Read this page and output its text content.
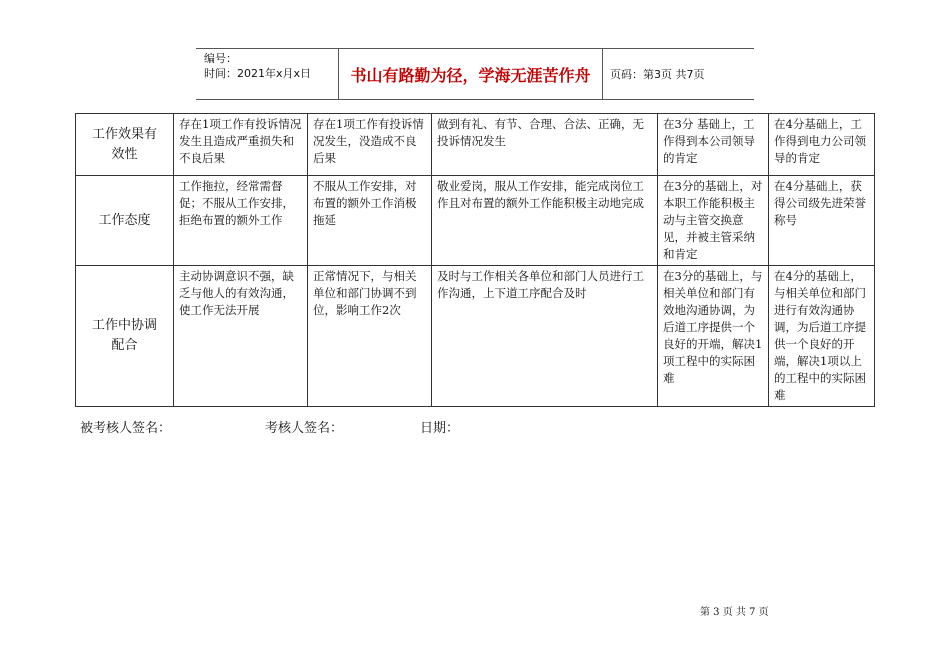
编号：
时间：2021年x月x日	书山有路勤为径，学海无涯苦作舟	页码：第3页 共7页
工作效果有效性	存在1项工作有投诉情况发生且造成严重损失和不良后果	存在1项工作有投诉情况发生，没造成不良后果	做到有礼、有节、合理、合法、正确，无投诉情况发生	在3分 基础上，工作得到本公司领导的肯定	在4分基础上，工作得到电力公司领导的肯定
工作态度	工作拖拉，经常需督促；不服从工作安排，拒绝布置的额外工作	不服从工作安排，对布置的额外工作消极拖延	敬业爱岗，服从工作安排，能完成岗位工作且对布置的额外工作能积极主动地完成	在3分的基础上，对本职工作能积极主动与主管交换意见，并被主管采纳和肯定	在4分基础上，获得公司级先进荣誉称号
工作中协调配合	主动协调意识不强，缺乏与他人的有效沟通，使工作无法开展	正常情况下，与相关单位和部门协调不到位，影响工作2次	及时与工作相关各单位和部门人员进行工作沟通，上下道工序配合及时	在3分的基础上，与相关单位和部门有效地沟通协调，为后道工序提供一个良好的开端，解决1项工程中的实际困难	在4分的基础上，与相关单位和部门进行有效沟通协调，为后道工序提供一个良好的开端，解决1项以上的工程中的实际困难
被考核人签名：	考核人签名：	日期：
第 3 页 共 7 页
